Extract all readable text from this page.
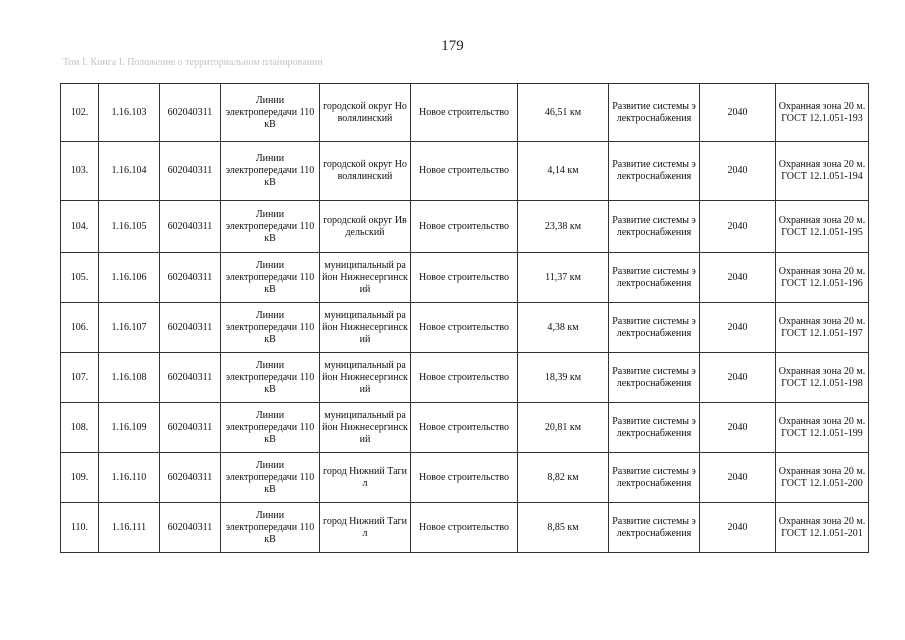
179
Том I. Книга I. Положение о территориальном планировании
102.	1.16.103	602040311	Линии электропередачи 110 кВ	городской округ Новолялинский	Новое строительство	46,51 км	Развитие системы электроснабжения	2040	Охранная зона 20 м. ГОСТ 12.1.051-193
103.	1.16.104	602040311	Линии электропередачи 110 кВ	городской округ Новолялинский	Новое строительство	4,14 км	Развитие системы электроснабжения	2040	Охранная зона 20 м. ГОСТ 12.1.051-194
104.	1.16.105	602040311	Линии электропередачи 110 кВ	городской округ Ивдельский	Новое строительство	23,38 км	Развитие системы электроснабжения	2040	Охранная зона 20 м. ГОСТ 12.1.051-195
105.	1.16.106	602040311	Линии электропередачи 110 кВ	муниципальный район Нижнесергинский	Новое строительство	11,37 км	Развитие системы электроснабжения	2040	Охранная зона 20 м. ГОСТ 12.1.051-196
106.	1.16.107	602040311	Линии электропередачи 110 кВ	муниципальный район Нижнесергинский	Новое строительство	4,38 км	Развитие системы электроснабжения	2040	Охранная зона 20 м. ГОСТ 12.1.051-197
107.	1.16.108	602040311	Линии электропередачи 110 кВ	муниципальный район Нижнесергинский	Новое строительство	18,39 км	Развитие системы электроснабжения	2040	Охранная зона 20 м. ГОСТ 12.1.051-198
108.	1.16.109	602040311	Линии электропередачи 110 кВ	муниципальный район Нижнесергинский	Новое строительство	20,81 км	Развитие системы электроснабжения	2040	Охранная зона 20 м. ГОСТ 12.1.051-199
109.	1.16.110	602040311	Линии электропередачи 110 кВ	город Нижний Тагил	Новое строительство	8,82 км	Развитие системы электроснабжения	2040	Охранная зона 20 м. ГОСТ 12.1.051-200
110.	1.16.111	602040311	Линии электропередачи 110 кВ	город Нижний Тагил	Новое строительство	8,85 км	Развитие системы электроснабжения	2040	Охранная зона 20 м. ГОСТ 12.1.051-201
